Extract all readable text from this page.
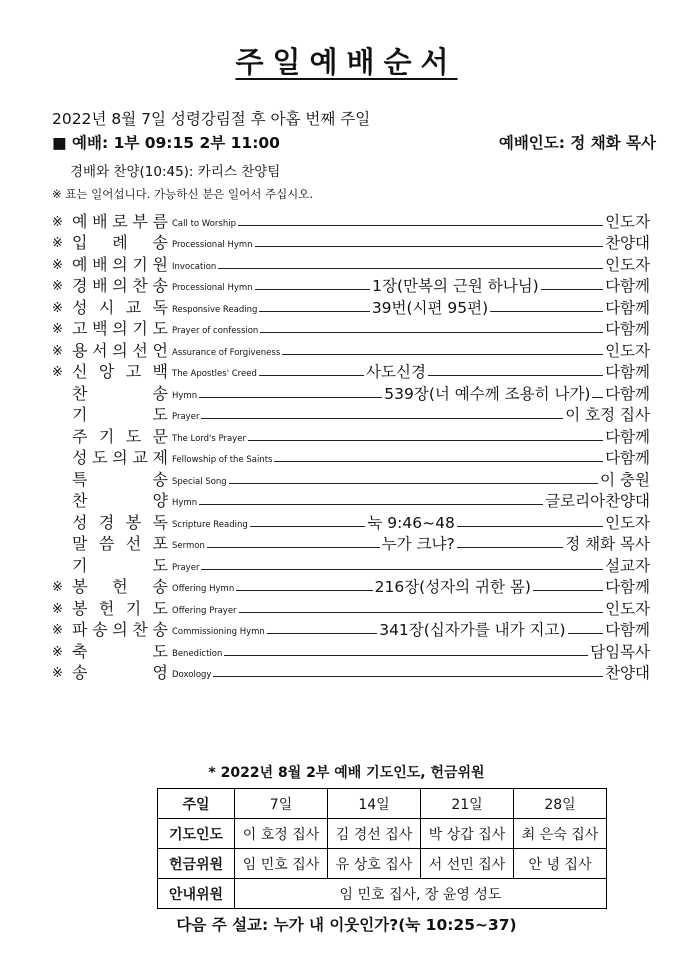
주일예배순서
2022년 8월 7일 성령강림절 후 아홉 번째 주일
■ 예배: 1부 09:15 2부 11:00	예배인도: 정 채화 목사
경배와 찬양(10:45): 카리스 찬양팀
※ 표는 일어섭니다. 가능하신 분은 일어서 주십시오.
※ 예 배 로 부 름 Call to Worship	인도자
※ 입 례 송 Processional Hymn	찬양대
※ 예 배 의 기 원 Invocation	인도자
※ 경 배 의 찬 송 Processional Hymn	1장(만복의 근원 하나님)	다함께
※ 성 시 교 독 Responsive Reading	39번(시편 95편)	다함께
※ 고 백 의 기 도 Prayer of confession	다함께
※ 용 서 의 선 언 Assurance of Forgiveness	인도자
※ 신 앙 고 백 The Apostles' Creed	사도신경	다함께
찬	송 Hymn	539장(너 예수께 조용히 나가) 다함께
기	도 Prayer	이 호정 집사
주 기 도 문 The Lord's Prayer	다함께
성 도 의 교 제 Fellowship of the Saints	다함께
특	송 Special Song	이 충원
찬	양 Hymn	글로리아찬양대
성 경 봉 독 Scripture Reading	눅 9:46~48	인도자
말 씀 선 포 Sermon	누가 크냐?	정 채화 목사
기	도 Prayer	설교자
※ 봉 헌 송 Offering Hymn	216장(성자의 귀한 몸)	다함께
※ 봉 헌 기 도 Offering Prayer	인도자
※ 파 송 의 찬 송 Commissioning Hymn	341장(십자가를 내가 지고)	다함께
※ 축	도 Benediction	담임목사
※ 송	영 Doxology	찬양대
* 2022년 8월 2부 예배 기도인도, 헌금위원
주일	7일	14일	21일	28일
기도인도	이 호정 집사	김 경선 집사	박 상갑 집사	최 은숙 집사
헌금위원	임 민호 집사	유 상호 집사	서 선민 집사	안 녕 집사
안내위원	임 민호 집사, 장 윤영 성도			
다음 주 설교: 누가 내 이웃인가?(눅 10:25~37)
